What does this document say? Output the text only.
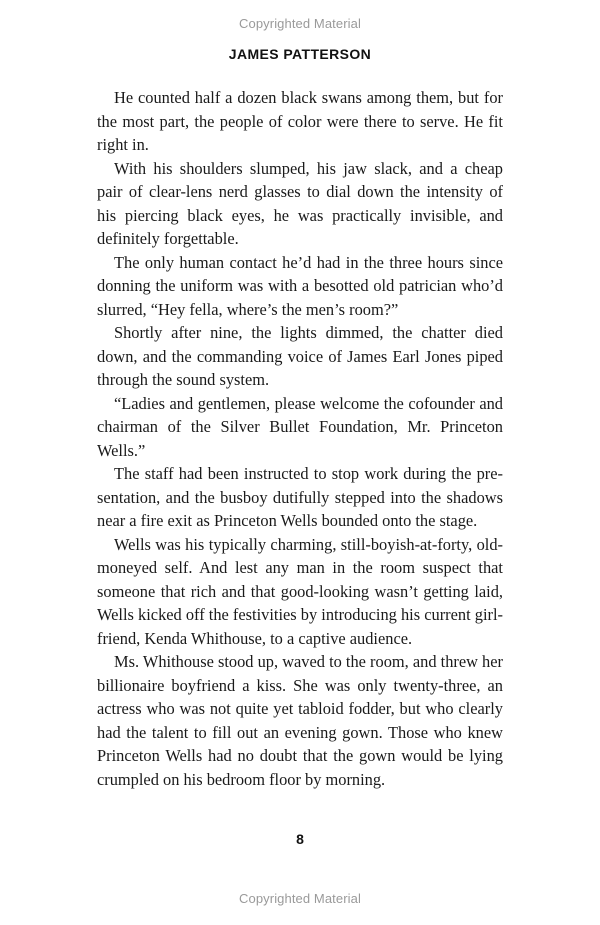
Copyrighted Material
JAMES PATTERSON

He counted half a dozen black swans among them, but for the most part, the people of color were there to serve. He fit right in.

With his shoulders slumped, his jaw slack, and a cheap pair of clear-lens nerd glasses to dial down the intensity of his piercing black eyes, he was practically invisible, and definitely forgettable.

The only human contact he’d had in the three hours since donning the uniform was with a besotted old patrician who’d slurred, “Hey fella, where’s the men’s room?”

Shortly after nine, the lights dimmed, the chatter died down, and the commanding voice of James Earl Jones piped through the sound system.

“Ladies and gentlemen, please welcome the cofounder and chairman of the Silver Bullet Foundation, Mr. Princeton Wells.”

The staff had been instructed to stop work during the presentation, and the busboy dutifully stepped into the shadows near a fire exit as Princeton Wells bounded onto the stage.

Wells was his typically charming, still-boyish-at-forty, old-moneyed self. And lest any man in the room suspect that someone that rich and that good-looking wasn’t getting laid, Wells kicked off the festivities by introducing his current girlfriend, Kenda Whithouse, to a captive audience.

Ms. Whithouse stood up, waved to the room, and threw her billionaire boyfriend a kiss. She was only twenty-three, an actress who was not quite yet tabloid fodder, but who clearly had the talent to fill out an evening gown. Those who knew Princeton Wells had no doubt that the gown would be lying crumpled on his bedroom floor by morning.

8
Copyrighted Material
